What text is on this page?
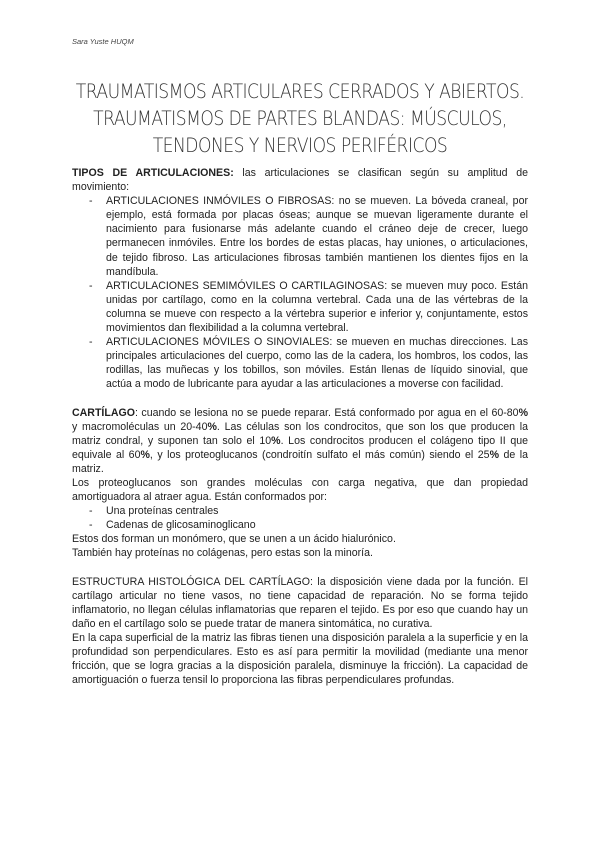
Sara Yuste HUQM
TRAUMATISMOS ARTICULARES CERRADOS Y ABIERTOS.
TRAUMATISMOS DE PARTES BLANDAS: MÚSCULOS,
TENDONES Y NERVIOS PERIFÉRICOS

TIPOS DE ARTICULACIONES: las articulaciones se clasifican según su amplitud de movimiento:

- ARTICULACIONES INMÓVILES O FIBROSAS: no se mueven. La bóveda craneal, por ejemplo, está formada por placas óseas; aunque se muevan ligeramente durante el nacimiento para fusionarse más adelante cuando el cráneo deje de crecer, luego permanecen inmóviles. Entre los bordes de estas placas, hay uniones, o articulaciones, de tejido fibroso. Las articulaciones fibrosas también mantienen los dientes fijos en la mandíbula.
- ARTICULACIONES SEMIMÓVILES O CARTILAGINOSAS: se mueven muy poco. Están unidas por cartílago, como en la columna vertebral. Cada una de las vértebras de la columna se mueve con respecto a la vértebra superior e inferior y, conjuntamente, estos movimientos dan flexibilidad a la columna vertebral.
- ARTICULACIONES MÓVILES O SINOVIALES: se mueven en muchas direcciones. Las principales articulaciones del cuerpo, como las de la cadera, los hombros, los codos, las rodillas, las muñecas y los tobillos, son móviles. Están llenas de líquido sinovial, que actúa a modo de lubricante para ayudar a las articulaciones a moverse con facilidad.

CARTÍLAGO: cuando se lesiona no se puede reparar. Está conformado por agua en el 60-80% y macromoléculas un 20-40%. Las células son los condrocitos, que son los que producen la matriz condral, y suponen tan solo el 10%. Los condrocitos producen el colágeno tipo II que equivale al 60%, y los proteoglucanos (condroitín sulfato el más común) siendo el 25% de la matriz.

Los proteoglucanos son grandes moléculas con carga negativa, que dan propiedad amortiguadora al atraer agua. Están conformados por:

- Una proteínas centrales
- Cadenas de glicosaminoglicano

Estos dos forman un monómero, que se unen a un ácido hialurónico.

También hay proteínas no colágenas, pero estas son la minoría.

ESTRUCTURA HISTOLÓGICA DEL CARTÍLAGO: la disposición viene dada por la función. El cartílago articular no tiene vasos, no tiene capacidad de reparación. No se forma tejido inflamatorio, no llegan células inflamatorias que reparen el tejido. Es por eso que cuando hay un daño en el cartílago solo se puede tratar de manera sintomática, no curativa.

En la capa superficial de la matriz las fibras tienen una disposición paralela a la superficie y en la profundidad son perpendiculares. Esto es así para permitir la movilidad (mediante una menor fricción, que se logra gracias a la disposición paralela, disminuye la fricción). La capacidad de amortiguación o fuerza tensil lo proporciona las fibras perpendiculares profundas.
